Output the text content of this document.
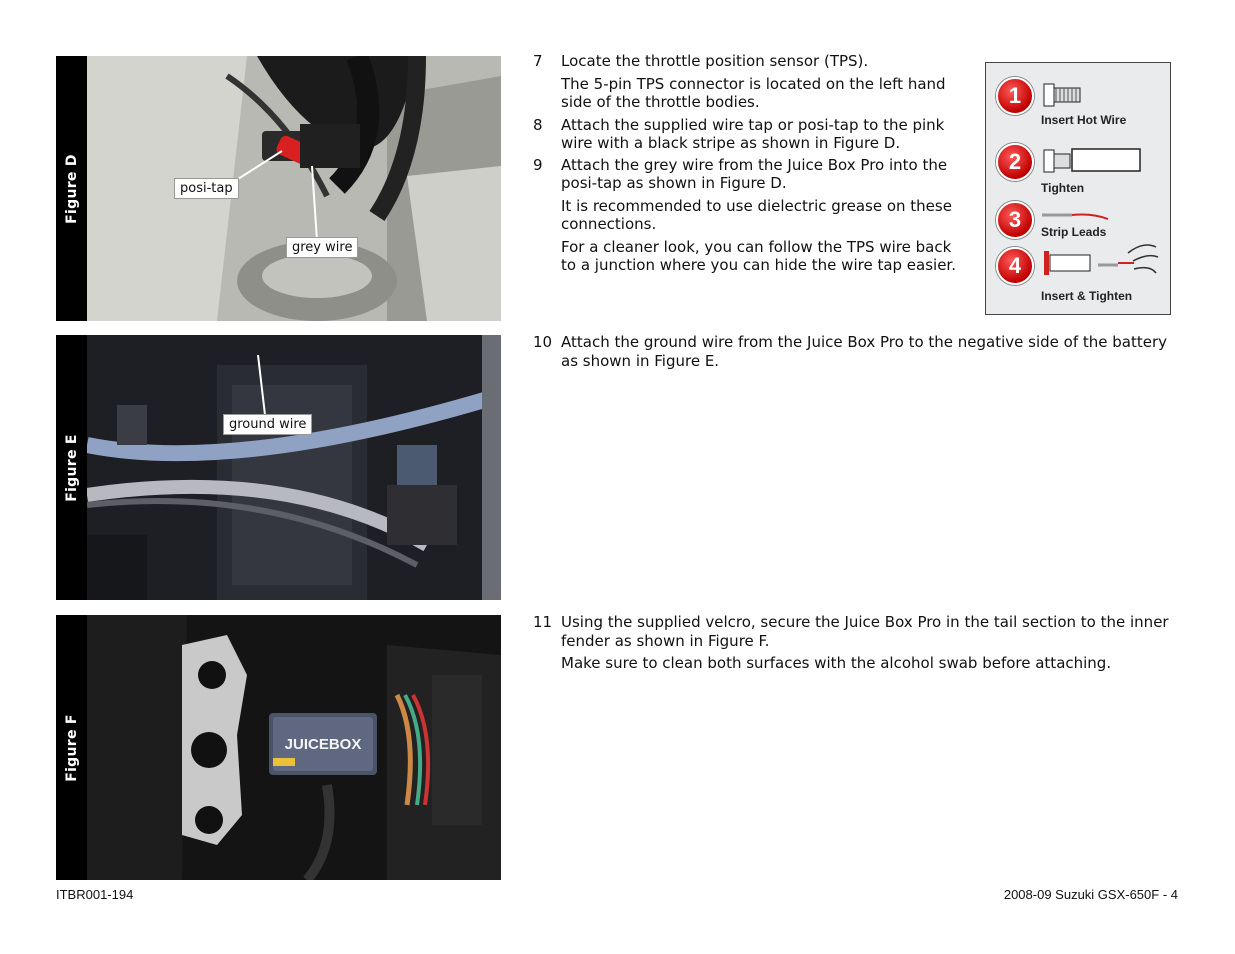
Figure D	posi-tap
grey wire
Figure E
ground wire
Figure F	JUICEBOX
7 Locate the throttle position sensor (TPS).
The 5-pin TPS connector is located on the left hand side of the throttle bodies.
8 Attach the supplied wire tap or posi-tap to the pink wire with a black stripe as shown in Figure D.
9 Attach the grey wire from the Juice Box Pro into the posi-tap as shown in Figure D.
It is recommended to use dielectric grease on these connections.
For a cleaner look, you can follow the TPS wire back to a junction where you can hide the wire tap easier.
1
Insert Hot Wire
2
Tighten
3	Strip Leads
4
Insert & Tighten
10 Attach the ground wire from the Juice Box Pro to the negative side of the battery as shown in Figure E.
11 Using the supplied velcro, secure the Juice Box Pro in the tail section to the inner fender as shown in Figure F.
Make sure to clean both surfaces with the alcohol swab before attaching.
ITBR001-194	2008-09 Suzuki GSX-650F - 4
